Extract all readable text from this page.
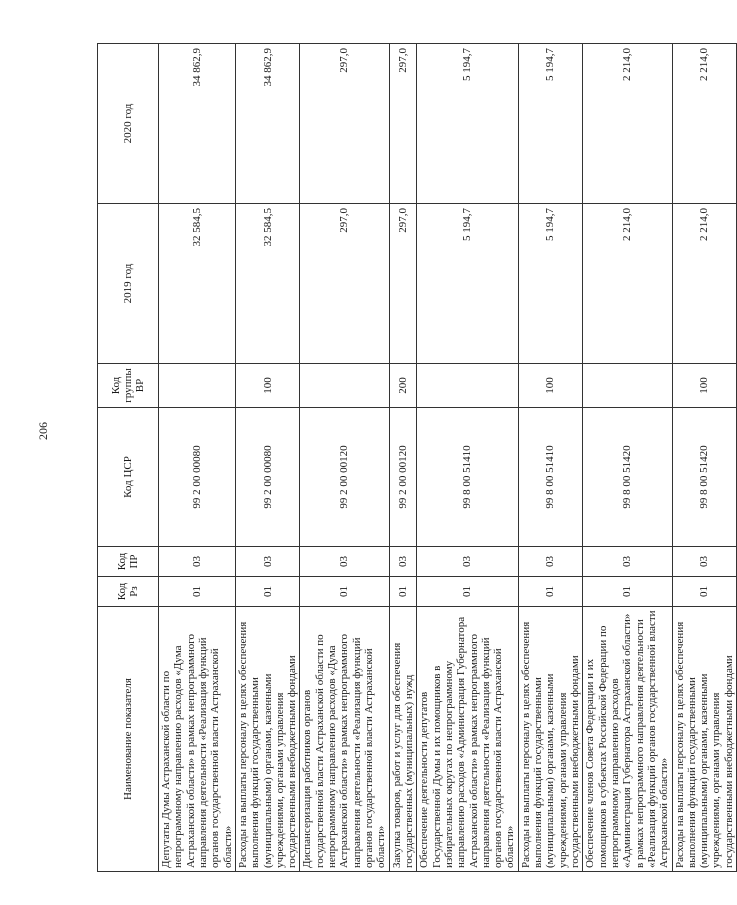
206
Наименование показателя	Код Рз	Код ПР	Код ЦСР	Код группы ВР	2019 год	2020 год
Депутаты Думы Астраханской области по непрограммному направлению расходов «Дума Астраханской области» в рамках непрограммного направления деятельности «Реализация функций органов государственной власти Астраханской области»	01	03	99 2 00 00080		32 584,5	34 862,9
Расходы на выплаты персоналу в целях обеспечения выполнения функций государственными (муниципальными) органами, казенными учреждениями, органами управления государственными внебюджетными фондами	01	03	99 2 00 00080	100	32 584,5	34 862,9
Диспансеризация работников органов государственной власти Астраханской области по непрограммному направлению расходов «Дума Астраханской области» в рамках непрограммного направления деятельности «Реализация функций органов государственной власти Астраханской области»	01	03	99 2 00 00120		297,0	297,0
Закупка товаров, работ и услуг для обеспечения государственных (муниципальных) нужд	01	03	99 2 00 00120	200	297,0	297,0
Обеспечение деятельности депутатов Государственной Думы и их помощников в избирательных округах по непрограммному направлению расходов «Администрация Губернатора Астраханской области» в рамках непрограммного направления деятельности «Реализация функций органов государственной власти Астраханской области»	01	03	99 8 00 51410		5 194,7	5 194,7
Расходы на выплаты персоналу в целях обеспечения выполнения функций государственными (муниципальными) органами, казенными учреждениями, органами управления государственными внебюджетными фондами	01	03	99 8 00 51410	100	5 194,7	5 194,7
Обеспечение членов Совета Федерации и их помощников в субъектах Российской Федерации по непрограммному направлению расходов «Администрация Губернатора Астраханской области» в рамках непрограммного направления деятельности «Реализация функций органов государственной власти Астраханской области»	01	03	99 8 00 51420		2 214,0	2 214,0
Расходы на выплаты персоналу в целях обеспечения выполнения функций государственными (муниципальными) органами, казенными учреждениями, органами управления государственными внебюджетными фондами	01	03	99 8 00 51420	100	2 214,0	2 214,0
